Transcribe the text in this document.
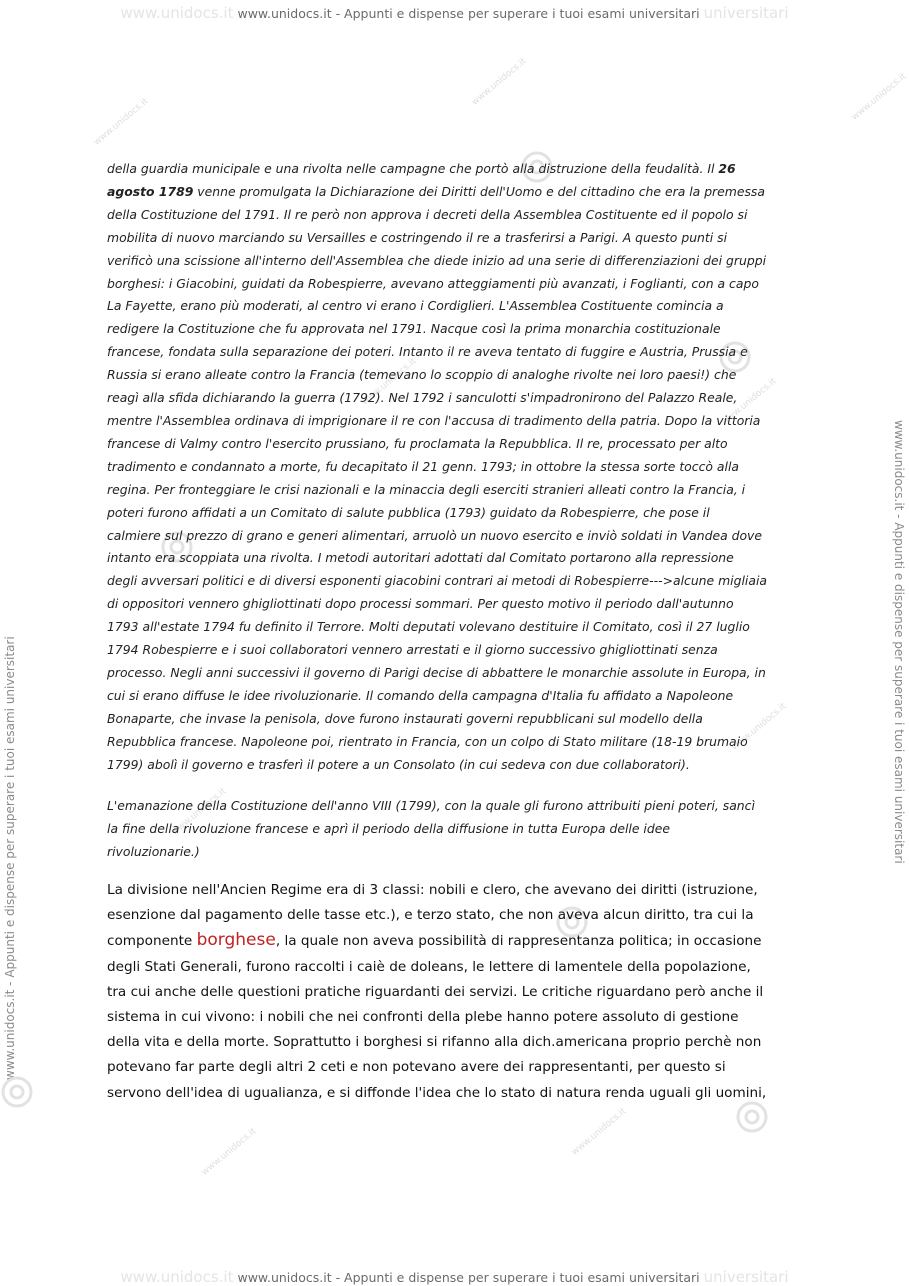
www.unidocs.it www.unidocs.it - Appunti e dispense per superare i tuoi esami universitari universitari
www.unidocs.it - Appunti e dispense per superare i tuoi esami universitari	www.unidocs.it - Appunti e dispense per superare i tuoi esami universitari
www.unidocs.it
www.unidocs.it	www.unidocs.it
www.unidocs.it	www.unidocs.it
www.unidocs.it
www.unidocs.it
www.unidocs.it	www.unidocs.it

della guardia municipale e una rivolta nelle campagne che portò alla distruzione della feudalità. Il 26

agosto 1789 venne promulgata la Dichiarazione dei Diritti dell'Uomo e del cittadino che era la premessa

della Costituzione del 1791. Il re però non approva i decreti della Assemblea Costituente ed il popolo si

mobilita di nuovo marciando su Versailles e costringendo il re a trasferirsi a Parigi. A questo punti si

verificò una scissione all'interno dell'Assemblea che diede inizio ad una serie di differenziazioni dei gruppi

borghesi: i Giacobini, guidati da Robespierre, avevano atteggiamenti più avanzati, i Foglianti, con a capo

La Fayette, erano più moderati, al centro vi erano i Cordiglieri. L'Assemblea Costituente comincia a

redigere la Costituzione che fu approvata nel 1791. Nacque così la prima monarchia costituzionale

francese, fondata sulla separazione dei poteri. Intanto il re aveva tentato di fuggire e Austria, Prussia e

Russia si erano alleate contro la Francia (temevano lo scoppio di analoghe rivolte nei loro paesi!) che

reagì alla sfida dichiarando la guerra (1792). Nel 1792 i sanculotti s'impadronirono del Palazzo Reale,

mentre l'Assemblea ordinava di imprigionare il re con l'accusa di tradimento della patria. Dopo la vittoria

francese di Valmy contro l'esercito prussiano, fu proclamata la Repubblica. Il re, processato per alto

tradimento e condannato a morte, fu decapitato il 21 genn. 1793; in ottobre la stessa sorte toccò alla

regina. Per fronteggiare le crisi nazionali e la minaccia degli eserciti stranieri alleati contro la Francia, i

poteri furono affidati a un Comitato di salute pubblica (1793) guidato da Robespierre, che pose il

calmiere sul prezzo di grano e generi alimentari, arruolò un nuovo esercito e inviò soldati in Vandea dove

intanto era scoppiata una rivolta. I metodi autoritari adottati dal Comitato portarono alla repressione

degli avversari politici e di diversi esponenti giacobini contrari ai metodi di Robespierre--->alcune migliaia

di oppositori vennero ghigliottinati dopo processi sommari. Per questo motivo il periodo dall'autunno

1793 all'estate 1794 fu definito il Terrore. Molti deputati volevano destituire il Comitato, così il 27 luglio

1794 Robespierre e i suoi collaboratori vennero arrestati e il giorno successivo ghigliottinati senza

processo. Negli anni successivi il governo di Parigi decise di abbattere le monarchie assolute in Europa, in

cui si erano diffuse le idee rivoluzionarie. Il comando della campagna d'Italia fu affidato a Napoleone

Bonaparte, che invase la penisola, dove furono instaurati governi repubblicani sul modello della

Repubblica francese. Napoleone poi, rientrato in Francia, con un colpo di Stato militare (18-19 brumaio

1799) abolì il governo e trasferì il potere a un Consolato (in cui sedeva con due collaboratori).

L'emanazione della Costituzione dell'anno VIII (1799), con la quale gli furono attribuiti pieni poteri, sancì

la fine della rivoluzione francese e aprì il periodo della diffusione in tutta Europa delle idee

rivoluzionarie.)

La divisione nell'Ancien Regime era di 3 classi: nobili e clero, che avevano dei diritti (istruzione,

esenzione dal pagamento delle tasse etc.), e terzo stato, che non aveva alcun diritto, tra cui la

componente borghese, la quale non aveva possibilità di rappresentanza politica; in occasione

degli Stati Generali, furono raccolti i caiè de doleans, le lettere di lamentele della popolazione,

tra cui anche delle questioni pratiche riguardanti dei servizi. Le critiche riguardano però anche il

sistema in cui vivono: i nobili che nei confronti della plebe hanno potere assoluto di gestione

della vita e della morte. Soprattutto i borghesi si rifanno alla dich.americana proprio perchè non

potevano far parte degli altri 2 ceti e non potevano avere dei rappresentanti, per questo si

servono dell'idea di ugualianza, e si diffonde l'idea che lo stato di natura renda uguali gli uomini,

www.unidocs.it www.unidocs.it - Appunti e dispense per superare i tuoi esami universitari universitari
